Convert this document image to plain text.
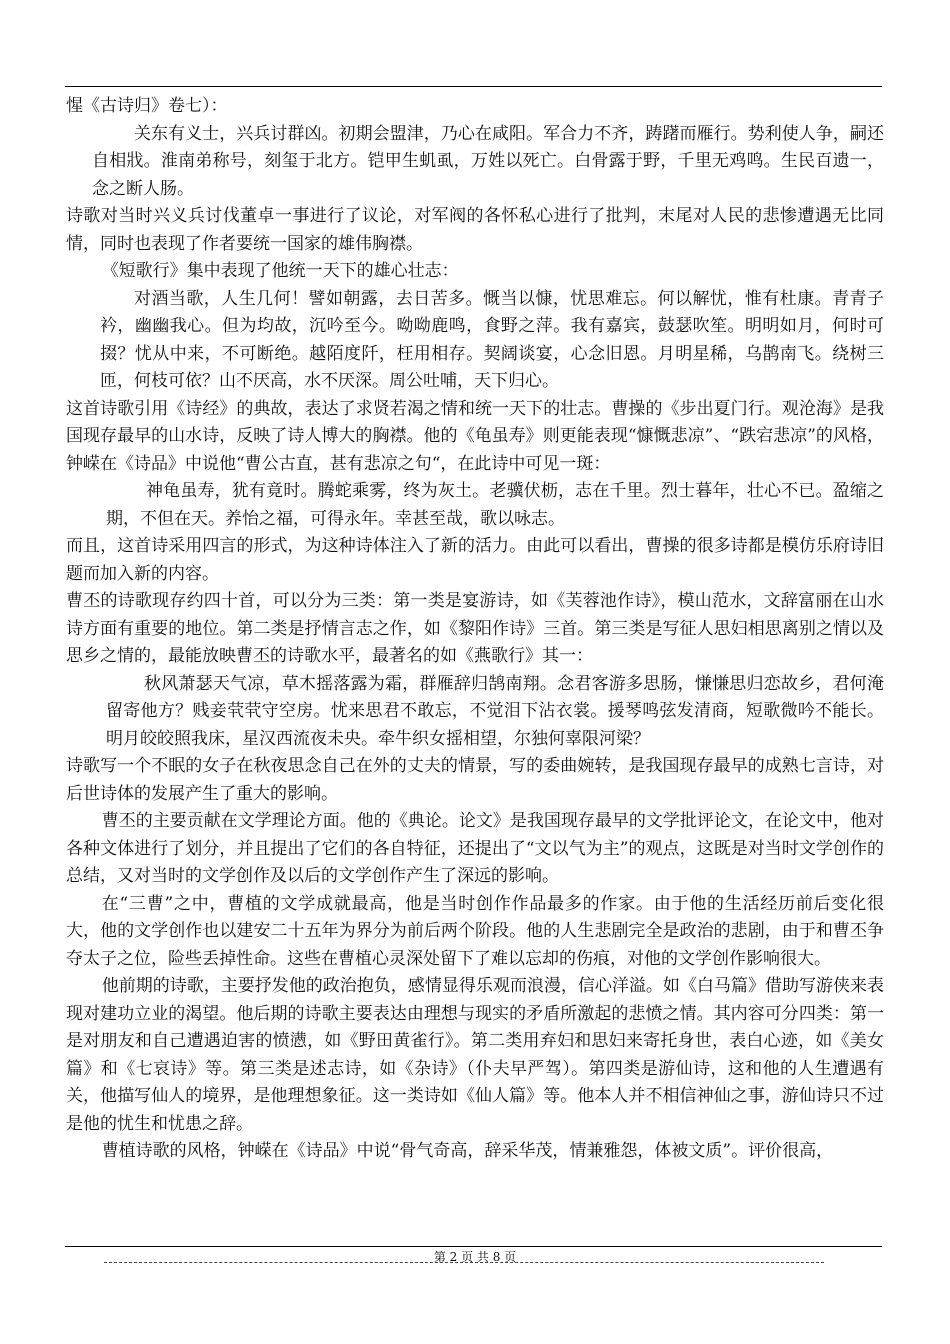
惺《古诗归》卷七）：

关东有义士，兴兵讨群凶。初期会盟津，乃心在咸阳。军合力不齐，踌躇而雁行。势利使人争，嗣还自相戕。淮南弟称号，刻玺于北方。铠甲生虮虱，万姓以死亡。白骨露于野，千里无鸡鸣。生民百遗一，念之断人肠。

诗歌对当时兴义兵讨伐董卓一事进行了议论，对军阀的各怀私心进行了批判，末尾对人民的悲惨遭遇无比同情，同时也表现了作者要统一国家的雄伟胸襟。

《短歌行》集中表现了他统一天下的雄心壮志：

对酒当歌，人生几何！譬如朝露，去日苦多。慨当以慷，忧思难忘。何以解忧，惟有杜康。青青子衿，幽幽我心。但为均故，沉吟至今。呦呦鹿鸣，食野之萍。我有嘉宾，鼓瑟吹笙。明明如月，何时可掇？忧从中来，不可断绝。越陌度阡，枉用相存。契阔谈宴，心念旧恩。月明星稀，乌鹊南飞。绕树三匝，何枝可依？山不厌高，水不厌深。周公吐哺，天下归心。

这首诗歌引用《诗经》的典故，表达了求贤若渴之情和统一天下的壮志。曹操的《步出夏门行。观沧海》是我国现存最早的山水诗，反映了诗人博大的胸襟。他的《龟虽寿》则更能表现“慷慨悲凉”、“跌宕悲凉”的风格，钟嵘在《诗品》中说他“曹公古直，甚有悲凉之句“，在此诗中可见一斑：

神龟虽寿，犹有竟时。腾蛇乘雾，终为灰土。老骥伏枥，志在千里。烈士暮年，壮心不已。盈缩之期，不但在天。养怡之福，可得永年。幸甚至哉，歌以咏志。

而且，这首诗采用四言的形式，为这种诗体注入了新的活力。由此可以看出，曹操的很多诗都是模仿乐府诗旧题而加入新的内容。

曹丕的诗歌现存约四十首，可以分为三类：第一类是宴游诗，如《芙蓉池作诗》，模山范水，文辞富丽在山水诗方面有重要的地位。第二类是抒情言志之作，如《黎阳作诗》三首。第三类是写征人思妇相思离别之情以及思乡之情的，最能放映曹丕的诗歌水平，最著名的如《燕歌行》其一：

秋风萧瑟天气凉，草木摇落露为霜，群雁辞归鹄南翔。念君客游多思肠，慊慊思归恋故乡，君何淹留寄他方？贱妾茕茕守空房。忧来思君不敢忘，不觉泪下沾衣裳。援琴鸣弦发清商，短歌微吟不能长。明月皎皎照我床，星汉西流夜未央。牵牛织女摇相望，尔独何辜限河梁？

诗歌写一个不眠的女子在秋夜思念自己在外的丈夫的情景，写的委曲婉转，是我国现存最早的成熟七言诗，对后世诗体的发展产生了重大的影响。

曹丕的主要贡献在文学理论方面。他的《典论。论文》是我国现存最早的文学批评论文，在论文中，他对各种文体进行了划分，并且提出了它们的各自特征，还提出了“文以气为主”的观点，这既是对当时文学创作的总结，又对当时的文学创作及以后的文学创作产生了深远的影响。

在“三曹”之中，曹植的文学成就最高，他是当时创作作品最多的作家。由于他的生活经历前后变化很大，他的文学创作也以建安二十五年为界分为前后两个阶段。他的人生悲剧完全是政治的悲剧，由于和曹丕争夺太子之位，险些丢掉性命。这些在曹植心灵深处留下了难以忘却的伤痕，对他的文学创作影响很大。

他前期的诗歌，主要抒发他的政治抱负，感情显得乐观而浪漫，信心洋溢。如《白马篇》借助写游侠来表现对建功立业的渴望。他后期的诗歌主要表达由理想与现实的矛盾所激起的悲愤之情。其内容可分四类：第一是对朋友和自己遭遇迫害的愤懑，如《野田黄雀行》。第二类用弃妇和思妇来寄托身世，表白心迹，如《美女篇》和《七哀诗》等。第三类是述志诗，如《杂诗》（仆夫早严驾）。第四类是游仙诗，这和他的人生遭遇有关，他描写仙人的境界，是他理想象征。这一类诗如《仙人篇》等。他本人并不相信神仙之事，游仙诗只不过是他的忧生和忧患之辞。

曹植诗歌的风格，钟嵘在《诗品》中说“骨气奇高，辞采华茂，情兼雅怨，体被文质”。评价很高，

第 2 页 共 8 页
